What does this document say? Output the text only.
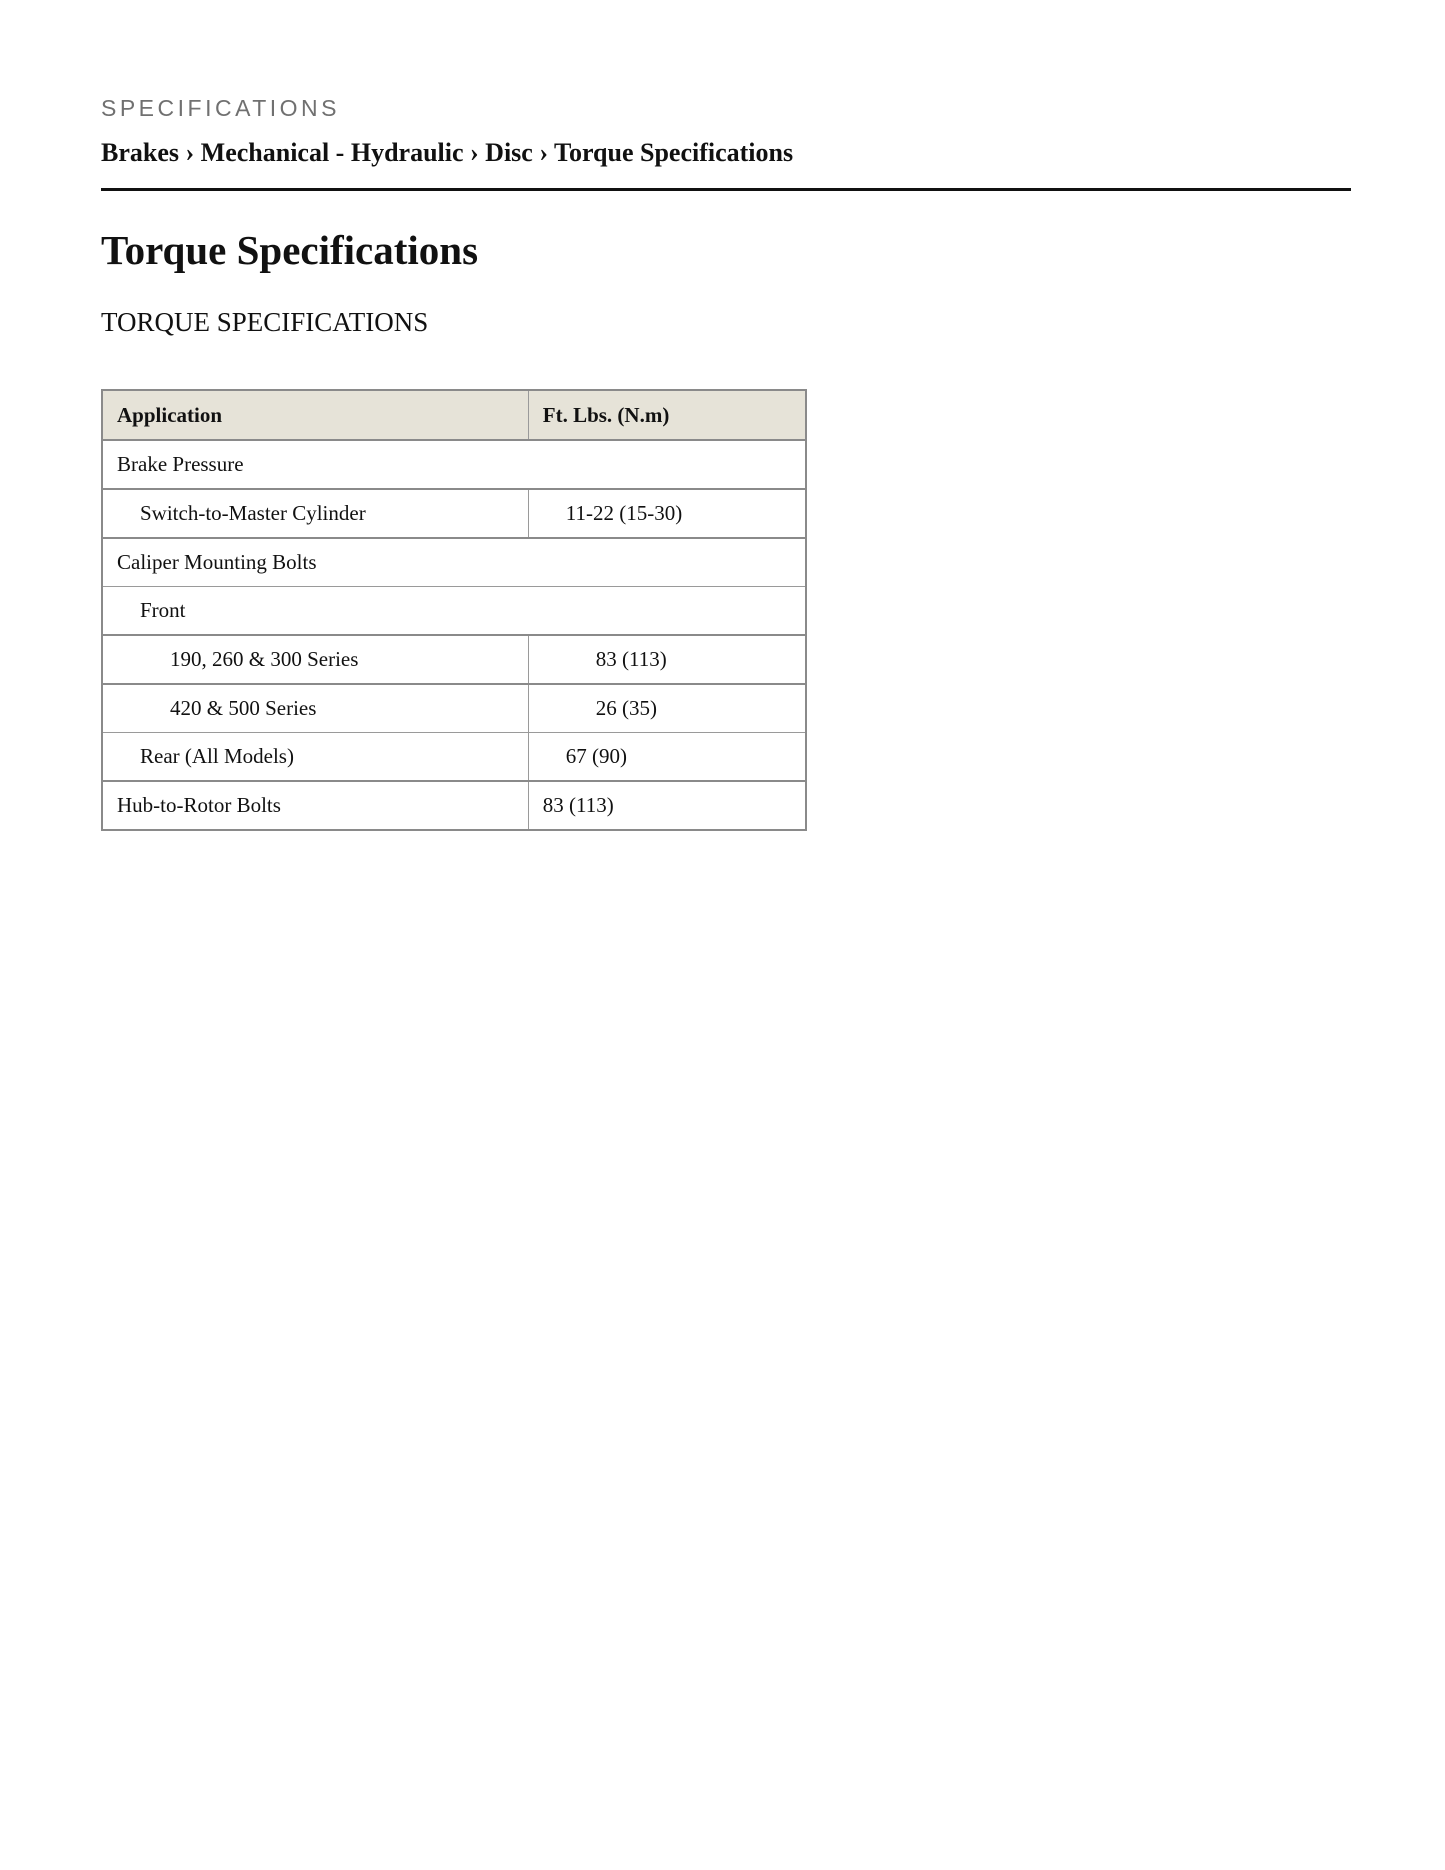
SPECIFICATIONS
Brakes › Mechanical - Hydraulic › Disc › Torque Specifications
Torque Specifications
TORQUE SPECIFICATIONS
Application	Ft. Lbs. (N.m)
Brake Pressure	
Switch-to-Master Cylinder	11-22 (15-30)
Caliper Mounting Bolts	
Front	
190, 260 & 300 Series	83 (113)
420 & 500 Series	26 (35)
Rear (All Models)	67 (90)
Hub-to-Rotor Bolts	83 (113)
